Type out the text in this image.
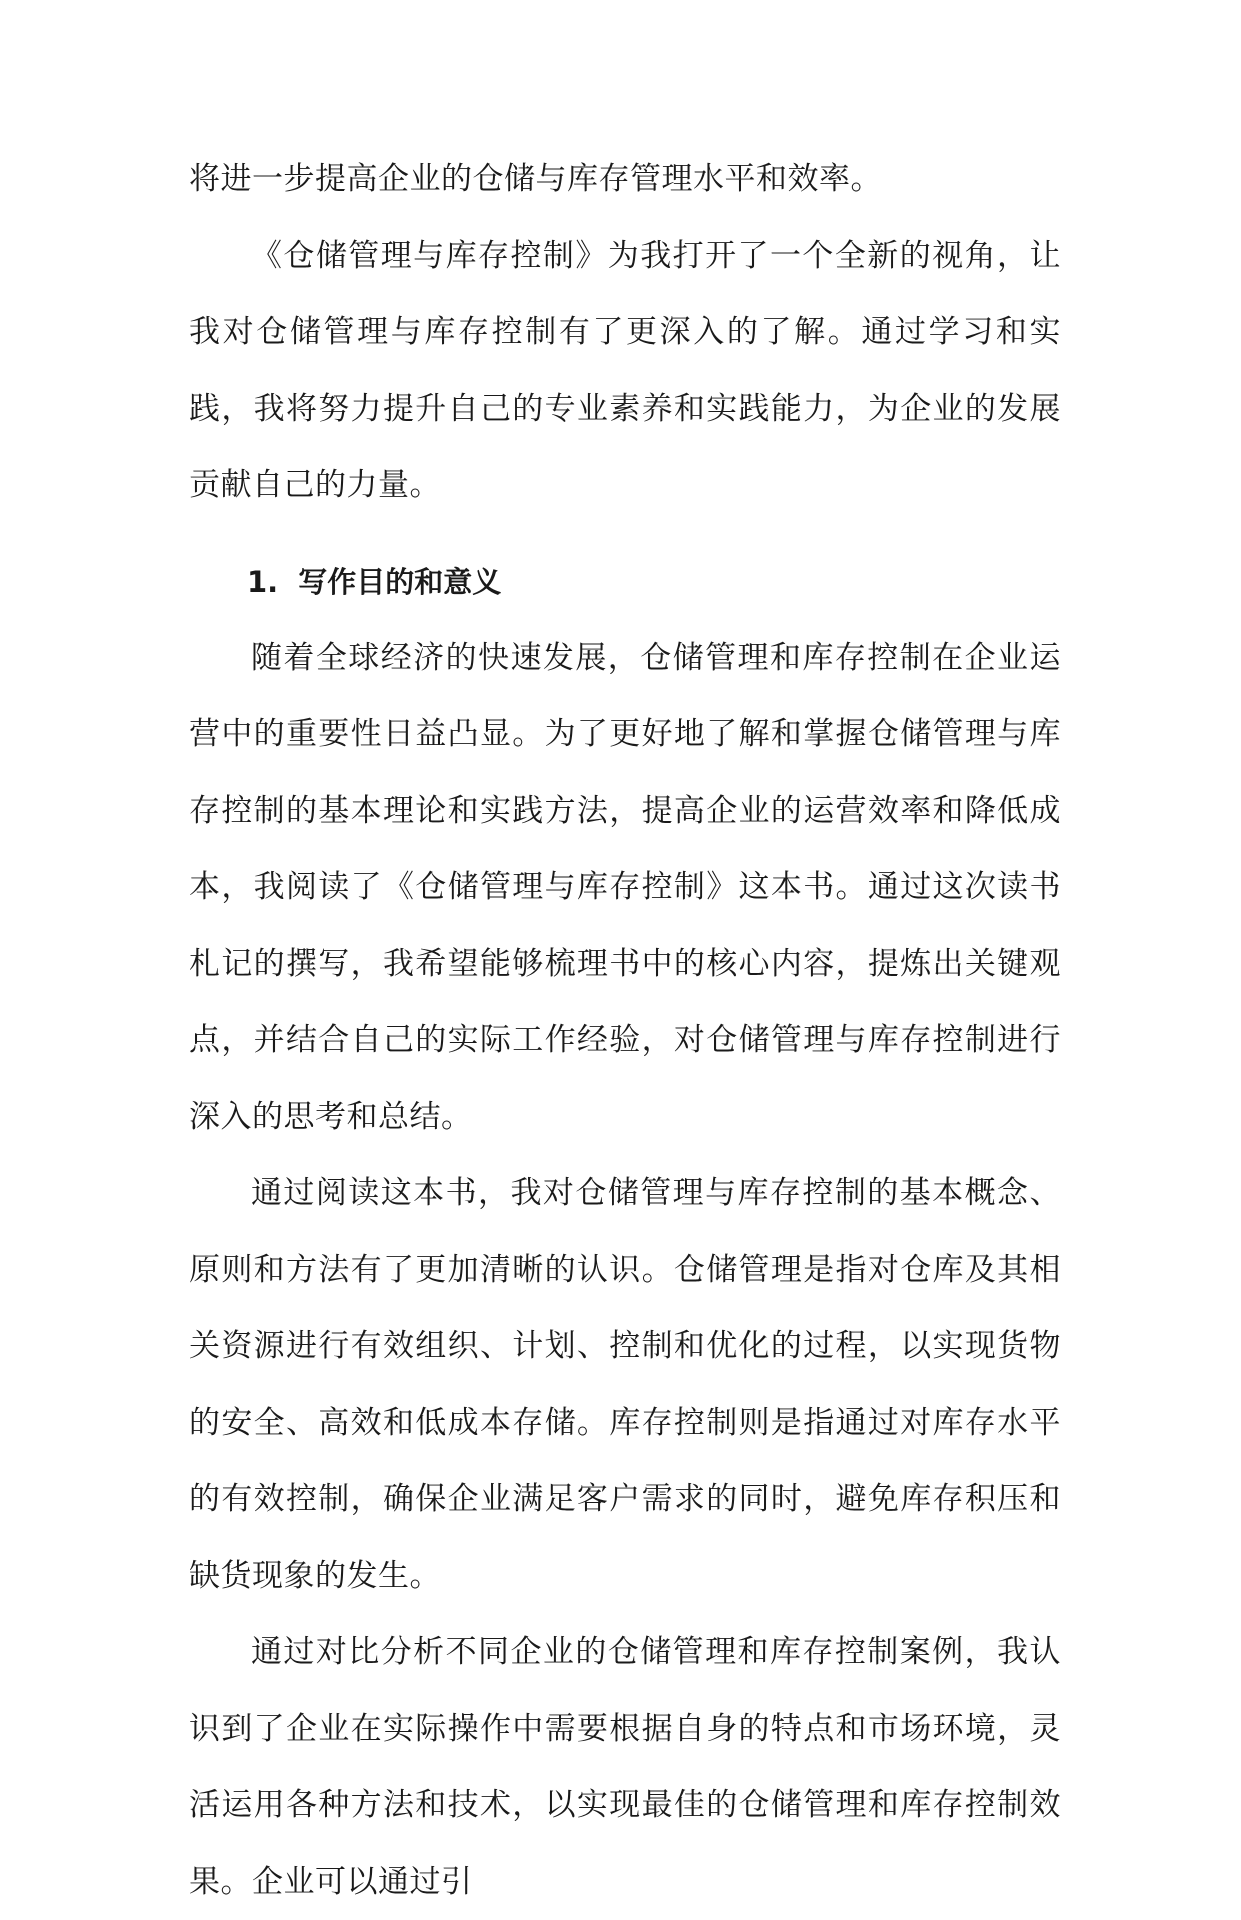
将进一步提高企业的仓储与库存管理水平和效率。

《仓储管理与库存控制》为我打开了一个全新的视角，让我对仓储管理与库存控制有了更深入的了解。通过学习和实践，我将努力提升自己的专业素养和实践能力，为企业的发展贡献自己的力量。

1. 写作目的和意义

随着全球经济的快速发展，仓储管理和库存控制在企业运营中的重要性日益凸显。为了更好地了解和掌握仓储管理与库存控制的基本理论和实践方法，提高企业的运营效率和降低成本，我阅读了《仓储管理与库存控制》这本书。通过这次读书札记的撰写，我希望能够梳理书中的核心内容，提炼出关键观点，并结合自己的实际工作经验，对仓储管理与库存控制进行深入的思考和总结。

通过阅读这本书，我对仓储管理与库存控制的基本概念、原则和方法有了更加清晰的认识。仓储管理是指对仓库及其相关资源进行有效组织、计划、控制和优化的过程，以实现货物的安全、高效和低成本存储。库存控制则是指通过对库存水平的有效控制，确保企业满足客户需求的同时，避免库存积压和缺货现象的发生。

通过对比分析不同企业的仓储管理和库存控制案例，我认识到了企业在实际操作中需要根据自身的特点和市场环境，灵活运用各种方法和技术，以实现最佳的仓储管理和库存控制效果。企业可以通过引
